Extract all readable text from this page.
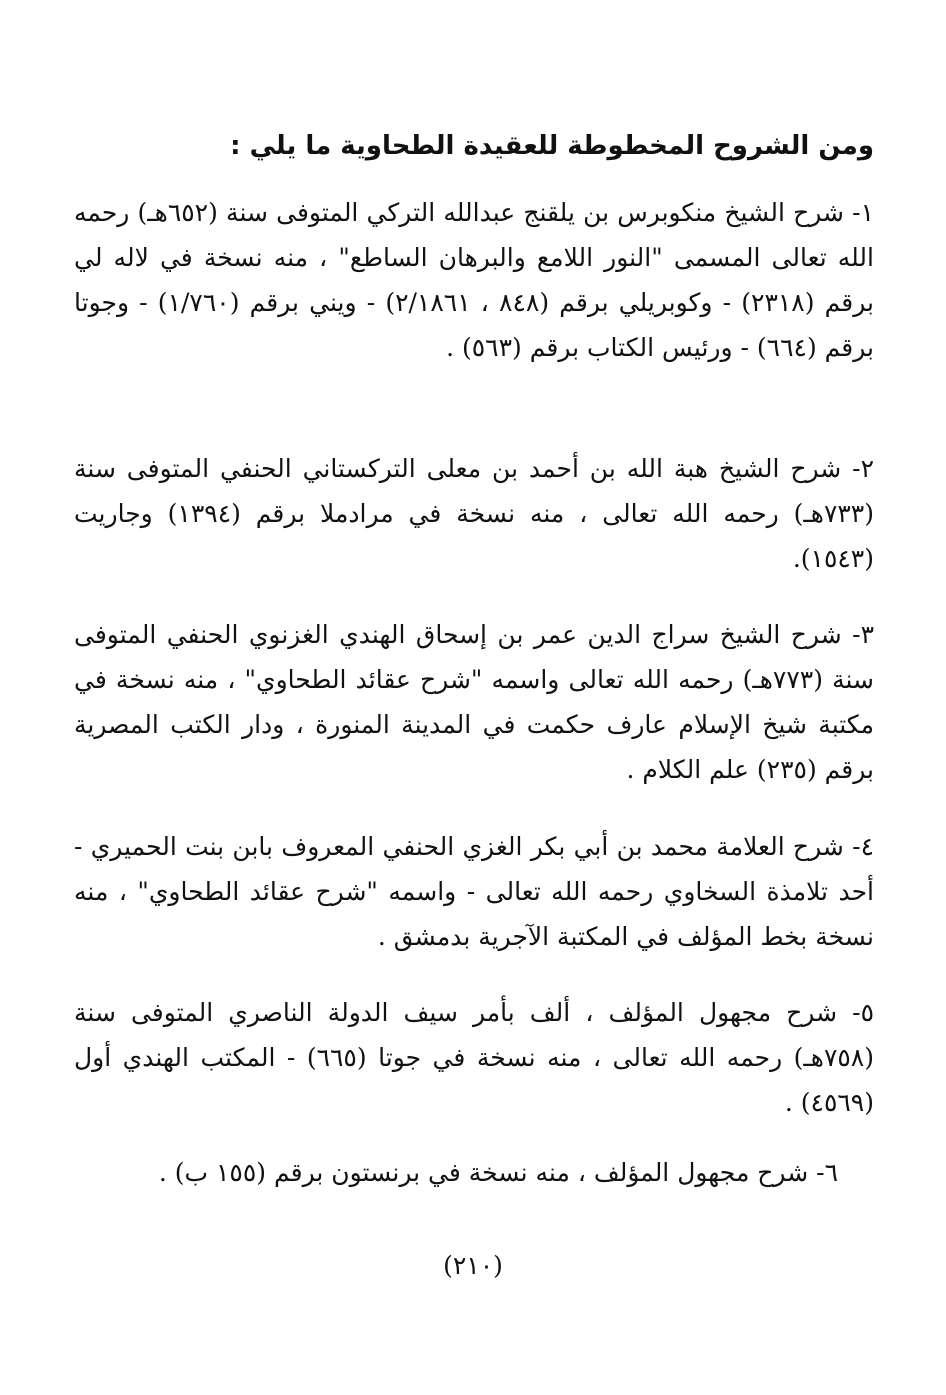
ومن الشروح المخطوطة للعقيدة الطحاوية ما يلي :

١- شرح الشيخ منكوبرس بن يلقنج عبدالله التركي المتوفى سنة (٦٥٢هـ) رحمه الله تعالى المسمى "النور اللامع والبرهان الساطع" ، منه نسخة في لاله لي برقم (٢٣١٨) - وكوبريلي برقم (٨٤٨ ، ٢/١٨٦١) - ويني برقم (١/٧٦٠) - وجوتا برقم (٦٦٤) - ورئيس الكتاب برقم (٥٦٣) .

٢- شرح الشيخ هبة الله بن أحمد بن معلى التركستاني الحنفي المتوفى سنة (٧٣٣هـ) رحمه الله تعالى ، منه نسخة في مرادملا برقم (١٣٩٤) وجاريت (١٥٤٣).

٣- شرح الشيخ سراج الدين عمر بن إسحاق الهندي الغزنوي الحنفي المتوفى سنة (٧٧٣هـ) رحمه الله تعالى واسمه "شرح عقائد الطحاوي" ، منه نسخة في مكتبة شيخ الإسلام عارف حكمت في المدينة المنورة ، ودار الكتب المصرية برقم (٢٣٥) علم الكلام .

٤- شرح العلامة محمد بن أبي بكر الغزي الحنفي المعروف بابن بنت الحميري - أحد تلامذة السخاوي رحمه الله تعالى - واسمه "شرح عقائد الطحاوي" ، منه نسخة بخط المؤلف في المكتبة الآجرية بدمشق .

٥- شرح مجهول المؤلف ، ألف بأمر سيف الدولة الناصري المتوفى سنة (٧٥٨هـ) رحمه الله تعالى ، منه نسخة في جوتا (٦٦٥) - المكتب الهندي أول (٤٥٦٩) .

٦- شرح مجهول المؤلف ، منه نسخة في برنستون برقم (١٥٥ ب) .

(٢١٠)
